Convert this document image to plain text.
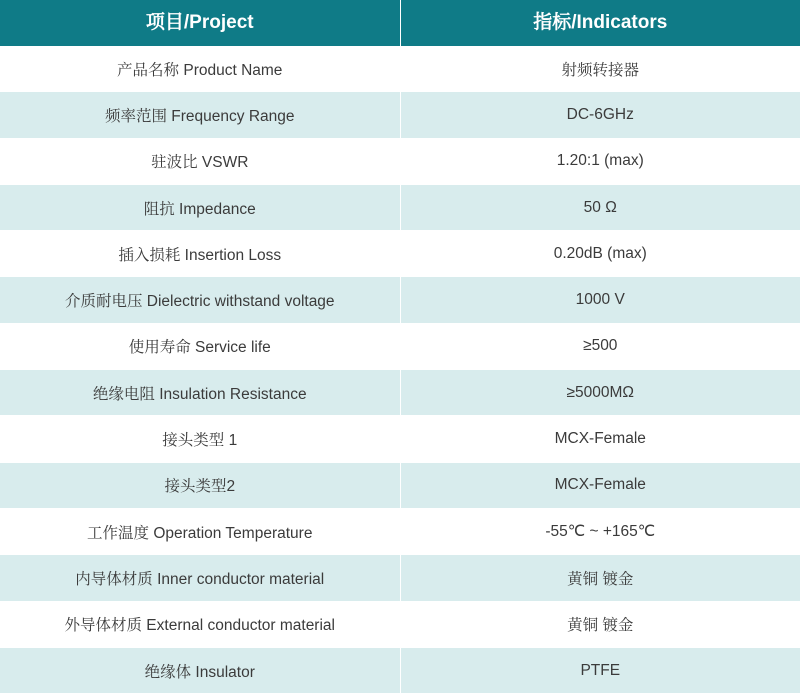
项目/Project	指标/Indicators
产品名称 Product Name	射频转接器
频率范围 Frequency Range	DC-6GHz
驻波比 VSWR	1.20:1 (max)
阻抗 Impedance	50 Ω
插入损耗 Insertion Loss	0.20dB (max)
介质耐电压 Dielectric withstand voltage	1000 V
使用寿命 Service life	≥500
绝缘电阻 Insulation Resistance	≥5000MΩ
接头类型 1	MCX-Female
接头类型2	MCX-Female
工作温度 Operation Temperature	-55℃ ~ +165℃
内导体材质 Inner conductor material	黄铜 镀金
外导体材质 External conductor material	黄铜 镀金
绝缘体 Insulator	PTFE
